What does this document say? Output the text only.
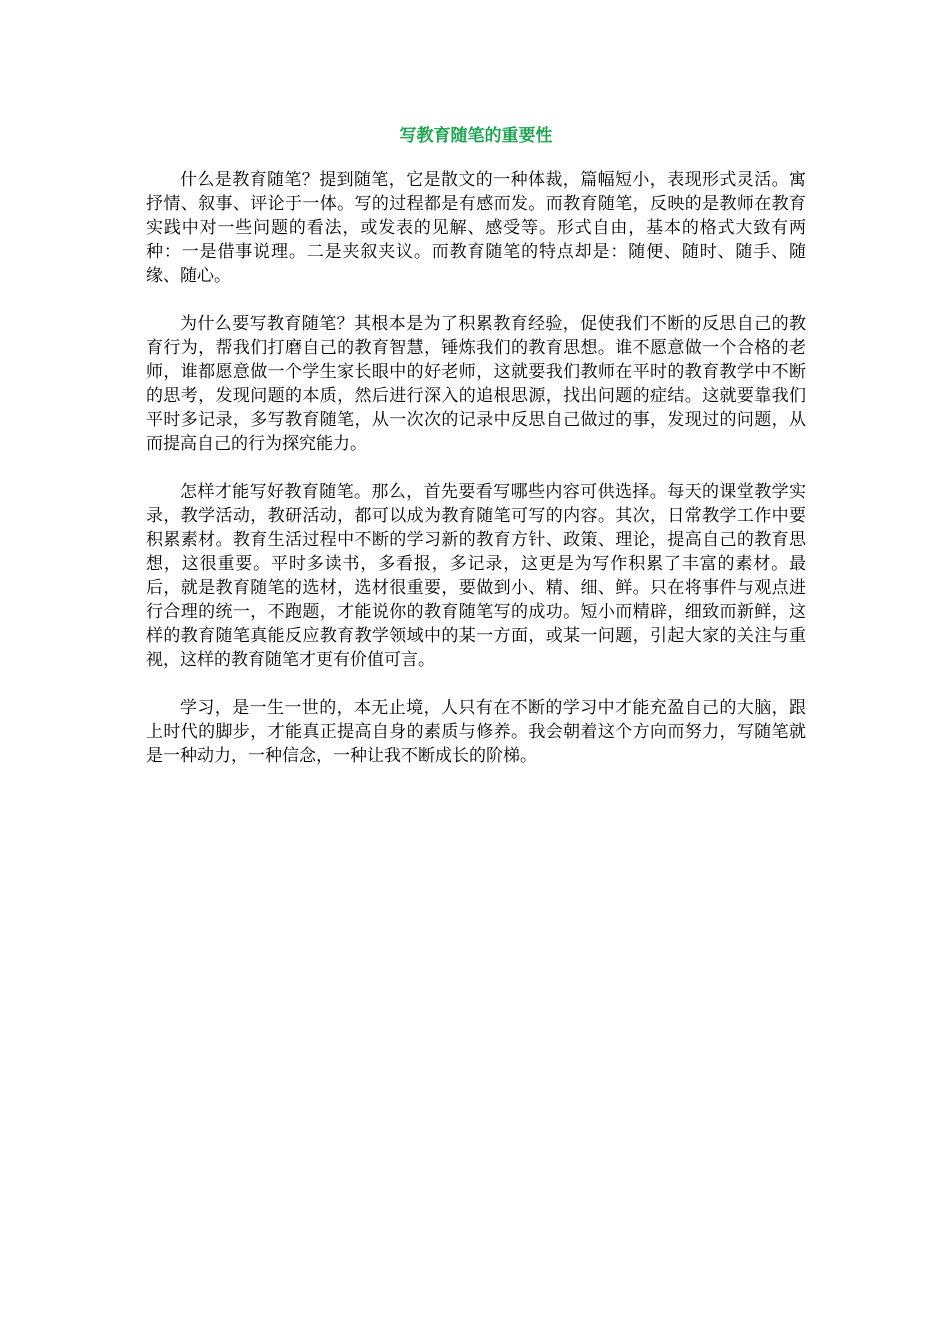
写教育随笔的重要性

什么是教育随笔？提到随笔，它是散文的一种体裁，篇幅短小，表现形式灵活。寓抒情、叙事、评论于一体。写的过程都是有感而发。而教育随笔，反映的是教师在教育实践中对一些问题的看法，或发表的见解、感受等。形式自由，基本的格式大致有两种：一是借事说理。二是夹叙夹议。而教育随笔的特点却是：随便、随时、随手、随缘、随心。

为什么要写教育随笔？其根本是为了积累教育经验，促使我们不断的反思自己的教育行为，帮我们打磨自己的教育智慧，锤炼我们的教育思想。谁不愿意做一个合格的老师，谁都愿意做一个学生家长眼中的好老师，这就要我们教师在平时的教育教学中不断的思考，发现问题的本质，然后进行深入的追根思源，找出问题的症结。这就要靠我们平时多记录，多写教育随笔，从一次次的记录中反思自己做过的事，发现过的问题，从而提高自己的行为探究能力。

怎样才能写好教育随笔。那么，首先要看写哪些内容可供选择。每天的课堂教学实录，教学活动，教研活动，都可以成为教育随笔可写的内容。其次，日常教学工作中要积累素材。教育生活过程中不断的学习新的教育方针、政策、理论，提高自己的教育思想，这很重要。平时多读书，多看报，多记录，这更是为写作积累了丰富的素材。最后，就是教育随笔的选材，选材很重要，要做到小、精、细、鲜。只在将事件与观点进行合理的统一，不跑题，才能说你的教育随笔写的成功。短小而精辟，细致而新鲜，这样的教育随笔真能反应教育教学领域中的某一方面，或某一问题，引起大家的关注与重视，这样的教育随笔才更有价值可言。

学习，是一生一世的，本无止境，人只有在不断的学习中才能充盈自己的大脑，跟上时代的脚步，才能真正提高自身的素质与修养。我会朝着这个方向而努力，写随笔就是一种动力，一种信念，一种让我不断成长的阶梯。
